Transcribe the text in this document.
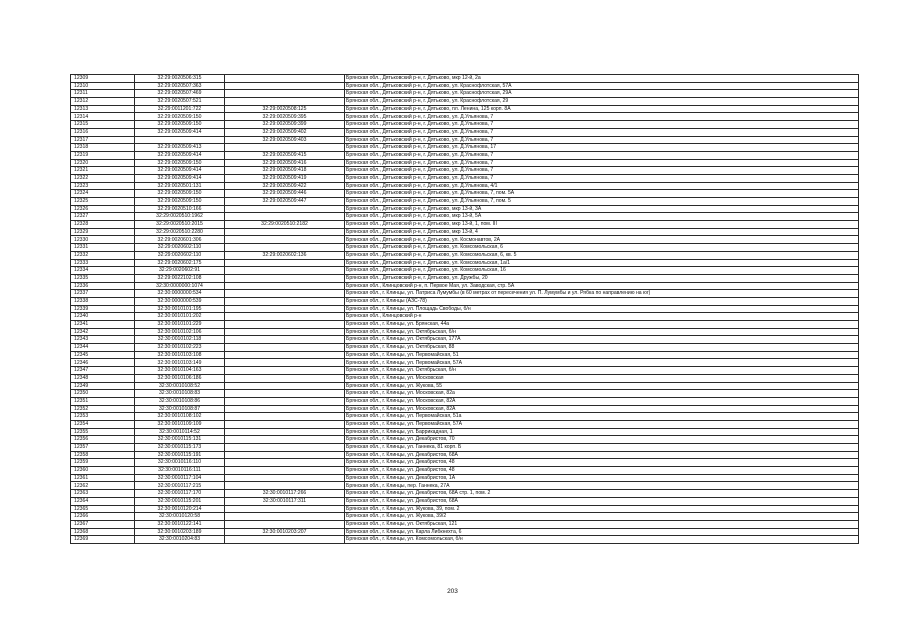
12309	32:29:0020506:315		Брянская обл., Дятьковский р-н, г. Дятьково, мкр 12-й, 2а
12310	32:29:0020507:363		Брянская обл., Дятьковский р-н, г. Дятьково, ул. Краснофлотская, 57А
12311	32:29:0020507:469		Брянская обл., Дятьковский р-н, г. Дятьково, ул. Краснофлотская, 29А
12312	32:29:0020507:521		Брянская обл., Дятьковский р-н, г. Дятьково, ул. Краснофлотская, 29
12313	32:29:0011201:722	32:29:0020508:125	Брянская обл., Дятьковский р-н, г. Дятьково, пл. Ленина, 125 корп. 8А
12314	32:29:0020509:150	32:29:0020509:395	Брянская обл., Дятьковский р-н, г. Дятьково, ул. Д.Ульянова, 7
12315	32:29:0020509:150	32:29:0020509:399	Брянская обл., Дятьковский р-н, г. Дятьково, ул. Д.Ульянова, 7
12316	32:29:0020509:414	32:29:0020509:402	Брянская обл., Дятьковский р-н, г. Дятьково, ул. Д.Ульянова, 7
12317		32:29:0020509:403	Брянская обл., Дятьковский р-н, г. Дятьково, ул. Д.Ульянова, 7
12318	32:29:0020509:413		Брянская обл., Дятьковский р-н, г. Дятьково, ул. Д.Ульянова, 17
12319	32:29:0020509:414	32:29:0020509:415	Брянская обл., Дятьковский р-н, г. Дятьково, ул. Д.Ульянова, 7
12320	32:29:0020509:150	32:29:0020509:416	Брянская обл., Дятьковский р-н, г. Дятьково, ул. Д.Ульянова, 7
12321	32:29:0020509:414	32:29:0020509:418	Брянская обл., Дятьковский р-н, г. Дятьково, ул. Д.Ульянова, 7
12322	32:29:0020509:414	32:29:0020509:419	Брянская обл., Дятьковский р-н, г. Дятьково, ул. Д.Ульянова, 7
12323	32:29:0020501:131	32:29:0020509:422	Брянская обл., Дятьковский р-н, г. Дятьково, ул. Д.Ульянова, 4/1
12324	32:29:0020509:150	32:29:0020509:446	Брянская обл., Дятьковский р-н, г. Дятьково, ул. Д.Ульянова, 7, пом. 5А
12325	32:29:0020509:150	32:29:0020509:447	Брянская обл., Дятьковский р-н, г. Дятьково, ул. Д.Ульянова, 7, пом. 5
12326	32:29:0020510:166		Брянская обл., Дятьковский р-н, г. Дятьково, мкр 13-й, 3А
12327	32:29:0020510:1962		Брянская обл., Дятьковский р-н, г. Дятьково, мкр 13-й, 5А
12328	32:29:0020510:2015	32:29:0020510:2182	Брянская обл., Дятьковский р-н, г. Дятьково, мкр 13-й, 1, пом. III
12329	32:29:0020510:2280		Брянская обл., Дятьковский р-н, г. Дятьково, мкр 13-й, 4
12330	32:29:0020601:306		Брянская обл., Дятьковский р-н, г. Дятьково, ул. Космонавтов, 2А
12331	32:29:0020602:110		Брянская обл., Дятьковский р-н, г. Дятьково, ул. Комсомольская, 6
12332	32:29:0020602:110	32:29:0020602:136	Брянская обл., Дятьковский р-н, г. Дятьково, ул. Комсомольская, 6, кв. 5
12333	32:29:0020602:175		Брянская обл., Дятьковский р-н, г. Дятьково, ул. Комсомольская, 1а/1
12334	32:29:0020602:91		Брянская обл., Дятьковский р-н, г. Дятьково, ул. Комсомольская, 16
12335	32:29:0022102:108		Брянская обл., Дятьковский р-н, г. Дятьково, ул. Дружбы, 20
12336	32:30:0000000:1074		Брянская обл., Клинцовский р-н, п. Первое Мая, ул. Заводская, стр. 5А
12337	32:30:0000000:534		Брянская обл., г. Клинцы, ул. Патриса Лумумбы (в 60 метрах от пересечения ул. П. Лумумбы и ул. Рябка по направлению на юг)
12338	32:30:0000000:539		Брянская обл., г. Клинцы (АЗС-78)
12339	32:30:0010101:195		Брянская обл., г. Клинцы, ул. Площадь Свободы, б/н
12340	32:30:0010101:202		Брянская обл., Клинцовский р-н
12341	32:30:0010101:229		Брянская обл., г. Клинцы, ул. Брянская, 44а
12342	32:30:0010102:106		Брянская обл., г. Клинцы, ул. Октябрьская, б/н
12343	32:30:0010102:118		Брянская обл., г. Клинцы, ул. Октябрьская, 177А
12344	32:30:0010102:223		Брянская обл., г. Клинцы, ул. Октябрьская, 88
12345	32:30:0010103:108		Брянская обл., г. Клинцы, ул. Первомайская, 51
12346	32:30:0010103:149		Брянская обл., г. Клинцы, ул. Первомайская, 57А
12347	32:30:0010104:163		Брянская обл., г. Клинцы, ул. Октябрьская, б/н
12348	32:30:0010106:186		Брянская обл., г. Клинцы, ул. Московская
12349	32:30:0010108:52		Брянская обл., г. Клинцы, ул. Жукова, 55
12350	32:30:0010108:83		Брянская обл., г. Клинцы, ул. Московская, 82а
12351	32:30:0010108:86		Брянская обл., г. Клинцы, ул. Московская, 82А
12352	32:30:0010108:87		Брянская обл., г. Клинцы, ул. Московская, 82А
12353	32:30:0010108:102		Брянская обл., г. Клинцы, ул. Первомайская, 51а
12354	32:30:0010109:109		Брянская обл., г. Клинцы, ул. Первомайская, 57А
12355	32:30:0010114:52		Брянская обл., г. Клинцы, ул. Баррикадная, 1
12356	32:30:0010115:131		Брянская обл., г. Клинцы, ул. Декабристов, 70
12357	32:30:0010115:173		Брянская обл., г. Клинцы, ул. Ганнека, 81 корп. Б
12358	32:30:0010115:191		Брянская обл., г. Клинцы, ул. Декабристов, 68А
12359	32:30:0010116:110		Брянская обл., г. Клинцы, ул. Декабристов, 48
12360	32:30:0010116:111		Брянская обл., г. Клинцы, ул. Декабристов, 48
12361	32:30:0010117:104		Брянская обл., г. Клинцы, ул. Декабристов, 1А
12362	32:30:0010117:215		Брянская обл., г. Клинцы, пер. Ганнека, 27А
12363	32:30:0010117:170	32:30:0010117:266	Брянская обл., г. Клинцы, ул. Декабристов, 68А стр. 1, пом. 2
12364	32:30:0010115:201	32:30:0010117:311	Брянская обл., г. Клинцы, ул. Декабристов, 68А
12365	32:30:0010120:214		Брянская обл., г. Клинцы, ул. Жукова, 39, пом. 2
12366	32:30:0010120:58		Брянская обл., г. Клинцы, ул. Жукова, 39/2
12367	32:30:0010122:141		Брянская обл., г. Клинцы, ул. Октябрьская, 121
12368	32:30:0010203:189	32:30:0010203:207	Брянская обл., г. Клинцы, ул. Карла Либкнехта, 6
12369	32:30:0010204:83		Брянская обл., г. Клинцы, ул. Комсомольская, б/н
203
